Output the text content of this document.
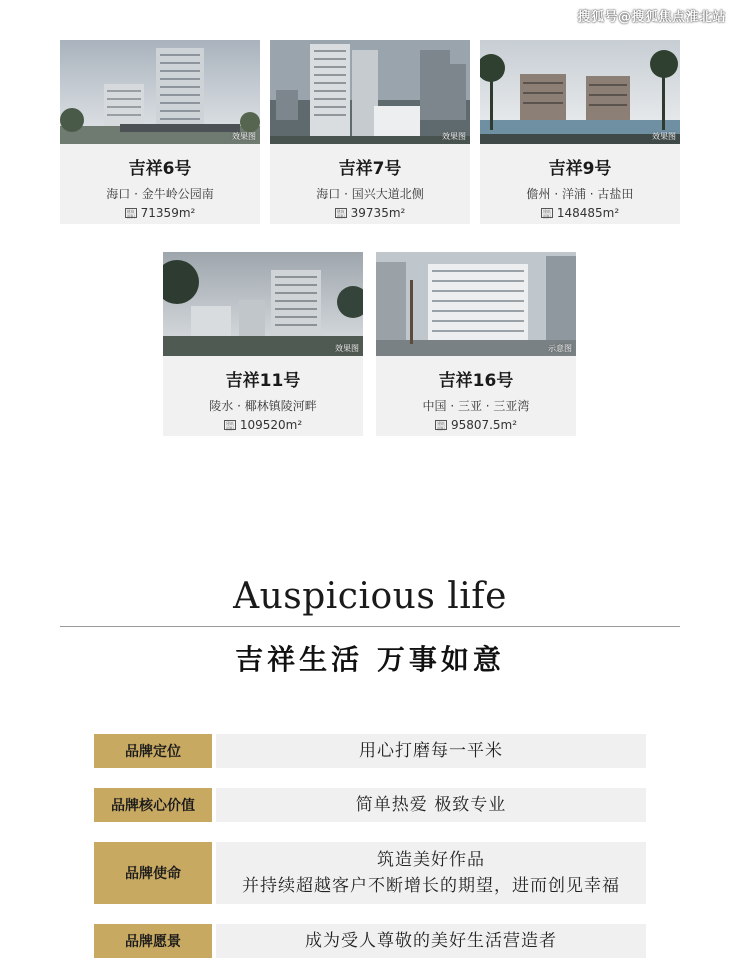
搜狐号@搜狐焦点淮北站
效果图
吉祥6号
海口 · 金牛岭公园南
建筑面积 71359m²
效果图
吉祥7号
海口 · 国兴大道北侧
建筑面积 39735m²
效果图
吉祥9号
儋州 · 洋浦 · 古盐田
建筑面积 148485m²
效果图
吉祥11号
陵水 · 椰林镇陵河畔
建筑面积 109520m²
示意图
吉祥16号
中国 · 三亚 · 三亚湾
建筑面积 95807.5m²
Auspicious life
吉祥生活 万事如意
品牌定位	用心打磨每一平米
品牌核心价值	简单热爱 极致专业
品牌使命
筑造美好作品
并持续超越客户不断增长的期望，进而创见幸福
品牌愿景	成为受人尊敬的美好生活营造者
